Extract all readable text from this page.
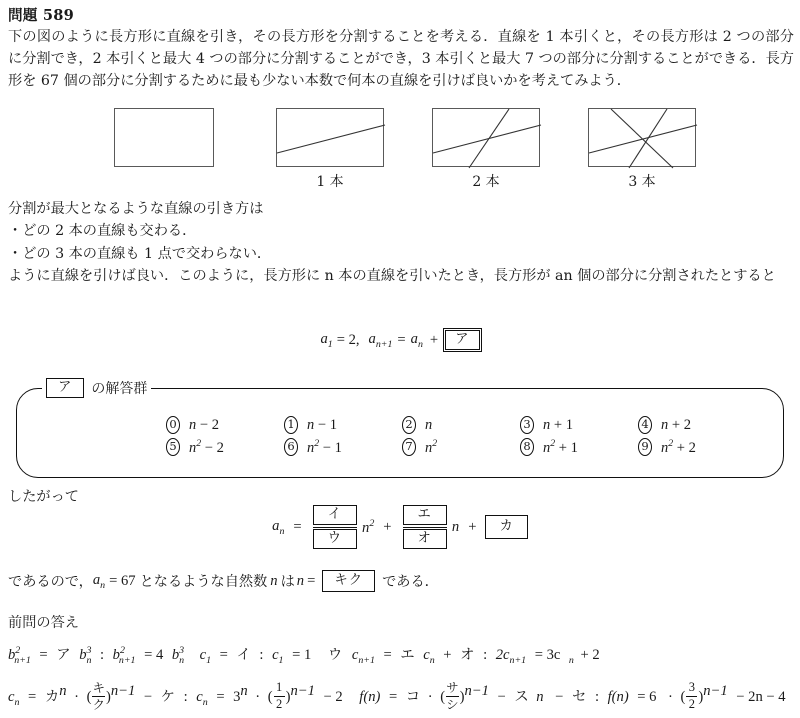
問題 589
下の図のように長方形に直線を引き，その長方形を分割することを考える．直線を 1 本引くと，その長方形は 2 つの部分に分割でき，2 本引くと最大 4 つの部分に分割することができ，3 本引くと最大 7 つの部分に分割することができる．長方形を 67 個の部分に分割するために最も少ない本数で何本の直線を引けば良いかを考えてみよう．
1 本	2 本	3 本
分割が最大となるような直線の引き方は
・どの 2 本の直線も交わる．
・どの 3 本の直線も 1 点で交わらない．
ように直線を引けば良い．このように，長方形に n 本の直線を引いたとき，長方形が an 個の部分に分割されたとすると
$a_1 = 2$, $a_{n+1} = a_n$ +	ア
ア	の解答群
0 n − 2	1 n − 1	2 n	3 n + 1	4 n + 2
5 $n^2 - 2$	6 $n^2 - 1$	7 $n^2$	8 $n^2 + 1$	9 $n^2 + 2$
したがって
$a_n = \frac{\text{イ}}{\text{ウ}} n^2 + \frac{\text{エ}}{\text{オ}}$ n +	カ
であるので， $a_n = 67$ となるような自然数 n は n =	キク	である．
前問の答え
$b^2_{n+1}$ = ア $b^3_n$ : $b^2_{n+1} = 4$ $b^3_n$ $c_1$ = イ : $c_1 = 1$ ウ $c_{n+1}$ = エ $c_n$ + オ : $2c_{n+1} = 3c$ $_n$ + 2
$c_n$ = カ$^n$ · (
キ
ク )$^{n-1}$ − ケ : $c_n = 3^n$ · ( $\frac{1}{2} )^{n-1} - 2$ f(n) = コ · (
サ
シ )$^{n-1}$ − ス n − セ : f(n) = 6 · ( $\frac{3}{2} )^{n-1} - 2n - 4$
